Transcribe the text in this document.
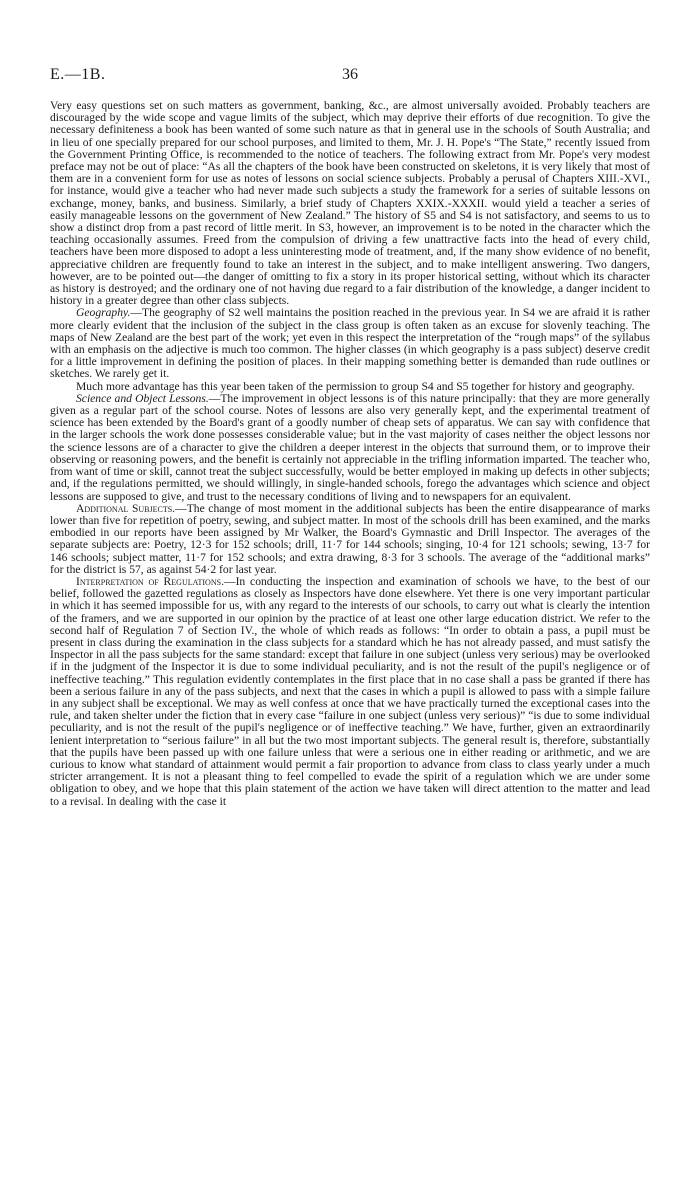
E.—1B.	36

Very easy questions set on such matters as government, banking, &c., are almost universally avoided. Probably teachers are discouraged by the wide scope and vague limits of the subject, which may deprive their efforts of due recognition. To give the necessary definiteness a book has been wanted of some such nature as that in general use in the schools of South Australia; and in lieu of one specially prepared for our school purposes, and limited to them, Mr. J. H. Pope's “The State,” recently issued from the Government Printing Office, is recommended to the notice of teachers. The following extract from Mr. Pope's very modest preface may not be out of place: “As all the chapters of the book have been constructed on skeletons, it is very likely that most of them are in a convenient form for use as notes of lessons on social science subjects. Probably a perusal of Chapters XIII.-XVI., for instance, would give a teacher who had never made such subjects a study the framework for a series of suitable lessons on exchange, money, banks, and business. Similarly, a brief study of Chapters XXIX.-XXXII. would yield a teacher a series of easily manageable lessons on the government of New Zealand.” The history of S5 and S4 is not satisfactory, and seems to us to show a distinct drop from a past record of little merit. In S3, however, an improvement is to be noted in the character which the teaching occasionally assumes. Freed from the compulsion of driving a few unattractive facts into the head of every child, teachers have been more disposed to adopt a less uninteresting mode of treatment, and, if the many show evidence of no benefit, appreciative children are frequently found to take an interest in the subject, and to make intelligent answering. Two dangers, however, are to be pointed out—the danger of omitting to fix a story in its proper historical setting, without which its character as history is destroyed; and the ordinary one of not having due regard to a fair distribution of the knowledge, a danger incident to history in a greater degree than other class subjects.

Geography.—The geography of S2 well maintains the position reached in the previous year. In S4 we are afraid it is rather more clearly evident that the inclusion of the subject in the class group is often taken as an excuse for slovenly teaching. The maps of New Zealand are the best part of the work; yet even in this respect the interpretation of the “rough maps” of the syllabus with an emphasis on the adjective is much too common. The higher classes (in which geography is a pass subject) deserve credit for a little improvement in defining the position of places. In their mapping something better is demanded than rude outlines or sketches. We rarely get it.

Much more advantage has this year been taken of the permission to group S4 and S5 together for history and geography.

Science and Object Lessons.—The improvement in object lessons is of this nature principally: that they are more generally given as a regular part of the school course. Notes of lessons are also very generally kept, and the experimental treatment of science has been extended by the Board's grant of a goodly number of cheap sets of apparatus. We can say with confidence that in the larger schools the work done possesses considerable value; but in the vast majority of cases neither the object lessons nor the science lessons are of a character to give the children a deeper interest in the objects that surround them, or to improve their observing or reasoning powers, and the benefit is certainly not appreciable in the trifling information imparted. The teacher who, from want of time or skill, cannot treat the subject successfully, would be better employed in making up defects in other subjects; and, if the regulations permitted, we should willingly, in single-handed schools, forego the advantages which science and object lessons are supposed to give, and trust to the necessary conditions of living and to newspapers for an equivalent.

Additional Subjects.—The change of most moment in the additional subjects has been the entire disappearance of marks lower than five for repetition of poetry, sewing, and subject matter. In most of the schools drill has been examined, and the marks embodied in our reports have been assigned by Mr Walker, the Board's Gymnastic and Drill Inspector. The averages of the separate subjects are: Poetry, 12·3 for 152 schools; drill, 11·7 for 144 schools; singing, 10·4 for 121 schools; sewing, 13·7 for 146 schools; subject matter, 11·7 for 152 schools; and extra drawing, 8·3 for 3 schools. The average of the “additional marks” for the district is 57, as against 54·2 for last year.

Interpretation of Regulations.—In conducting the inspection and examination of schools we have, to the best of our belief, followed the gazetted regulations as closely as Inspectors have done elsewhere. Yet there is one very important particular in which it has seemed impossible for us, with any regard to the interests of our schools, to carry out what is clearly the intention of the framers, and we are supported in our opinion by the practice of at least one other large education district. We refer to the second half of Regulation 7 of Section IV., the whole of which reads as follows: “In order to obtain a pass, a pupil must be present in class during the examination in the class subjects for a standard which he has not already passed, and must satisfy the Inspector in all the pass subjects for the same standard: except that failure in one subject (unless very serious) may be overlooked if in the judgment of the Inspector it is due to some individual peculiarity, and is not the result of the pupil's negligence or of ineffective teaching.” This regulation evidently contemplates in the first place that in no case shall a pass be granted if there has been a serious failure in any of the pass subjects, and next that the cases in which a pupil is allowed to pass with a simple failure in any subject shall be exceptional. We may as well confess at once that we have practically turned the exceptional cases into the rule, and taken shelter under the fiction that in every case “failure in one subject (unless very serious)” “is due to some individual peculiarity, and is not the result of the pupil's negligence or of ineffective teaching.” We have, further, given an extraordinarily lenient interpretation to “serious failure” in all but the two most important subjects. The general result is, therefore, substantially that the pupils have been passed up with one failure unless that were a serious one in either reading or arithmetic, and we are curious to know what standard of attainment would permit a fair proportion to advance from class to class yearly under a much stricter arrangement. It is not a pleasant thing to feel compelled to evade the spirit of a regulation which we are under some obligation to obey, and we hope that this plain statement of the action we have taken will direct attention to the matter and lead to a revisal. In dealing with the case it
